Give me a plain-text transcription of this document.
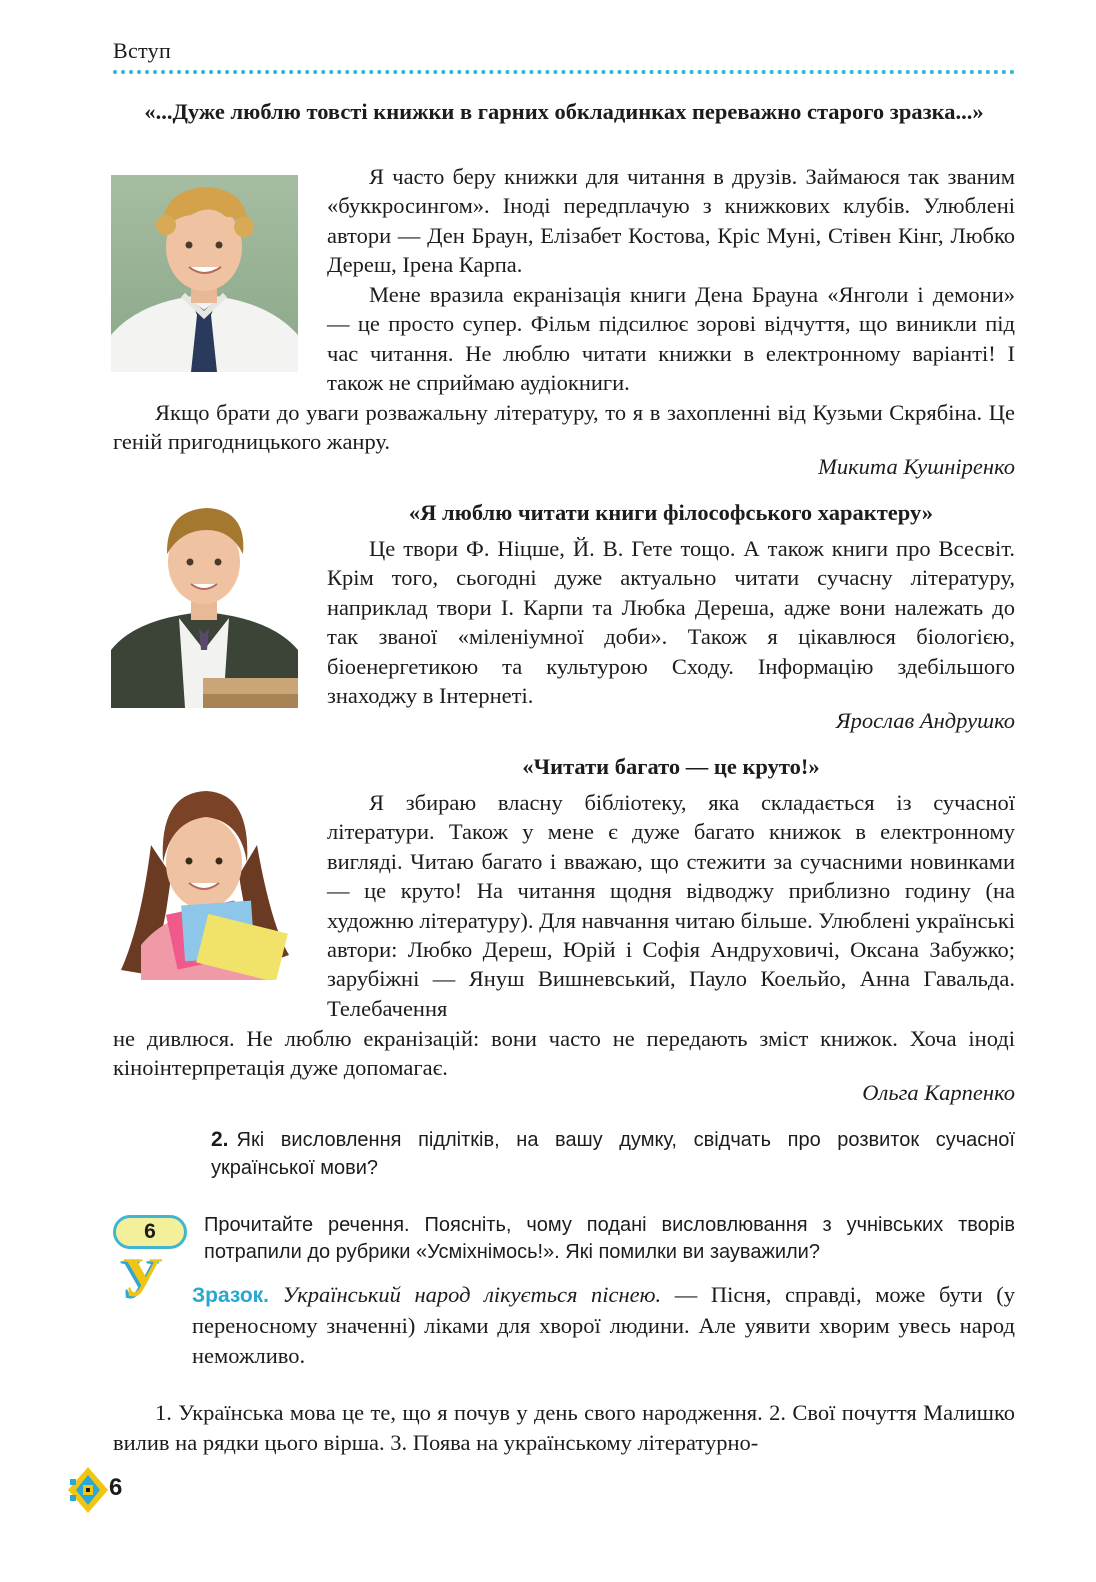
Вступ
«...Дуже люблю товсті книжки в гарних обкладинках переважно старого зразка...»
Я часто беру книжки для читання в друзів. Займаюся так званим «буккросингом». Іноді передплачую з книжкових клубів. Улюблені автори — Ден Браун, Елізабет Костова, Кріс Муні, Стівен Кінг, Любко Дереш, Ірена Карпа.
Мене вразила екранізація книги Дена Брауна «Янголи і демони» — це просто супер. Фільм підсилює зорові відчуття, що виникли під час читання. Не люблю читати книжки в електронному варіанті! І також не сприймаю аудіокниги.
Якщо брати до уваги розважальну літературу, то я в захопленні від Кузьми Скрябіна. Це геній пригодницького жанру.
Микита Кушніренко
«Я люблю читати книги філософського характеру»
Це твори Ф. Ніцше, Й. В. Гете тощо. А також книги про Всесвіт. Крім того, сьогодні дуже актуально читати сучасну літературу, наприклад твори І. Карпи та Любка Дереша, адже вони належать до так званої «міленіумної доби». Також я цікавлюся біологією, біоенергетикою та культурою Сходу. Інформацію здебільшого знаходжу в Інтернеті.
Ярослав Андрушко
«Читати багато — це круто!»
Я збираю власну бібліотеку, яка складається із сучасної літератури. Також у мене є дуже багато книжок в електронному вигляді. Читаю багато і вважаю, що стежити за сучасними новинками — це круто! На читання щодня відводжу приблизно годину (на художню літературу). Для навчання читаю більше. Улюблені українські автори: Любко Дереш, Юрій і Софія Андруховичі, Оксана Забужко; зарубіжні — Януш Вишневський, Пауло Коельйо, Анна Гавальда. Телебачення
не дивлюся. Не люблю екранізацій: вони часто не передають зміст книжок. Хоча іноді кіноінтерпретація дуже допомагає.
Ольга Карпенко
2. Які висловлення підлітків, на вашу думку, свідчать про розвиток сучасної української мови?
6
У
Прочитайте речення. Поясніть, чому подані висловлювання з учнівських творів потрапили до рубрики «Усміхнімось!». Які помилки ви зауважили?
Зразок. Український народ лікується піснею. — Пісня, справді, може бути (у переносному значенні) ліками для хворої людини. Але уявити хворим увесь народ неможливо.
1. Українська мова це те, що я почув у день свого народження. 2. Свої почуття Малишко вилив на рядки цього вірша. 3. Поява на українському літературно-
6
